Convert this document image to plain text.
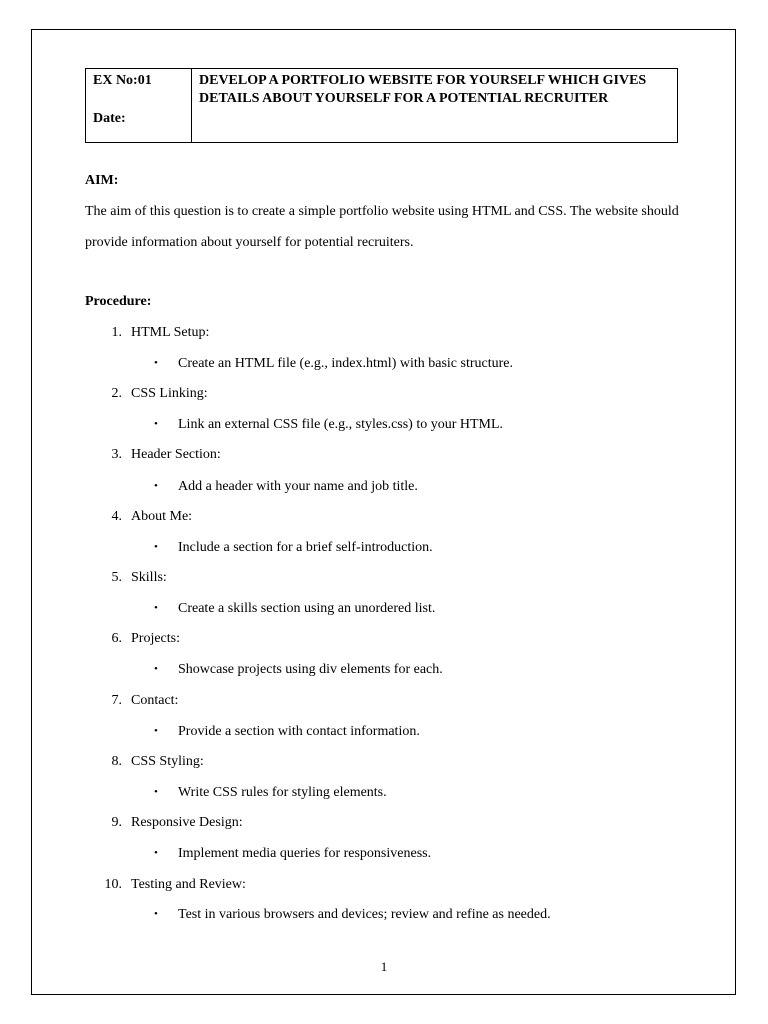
EX No:01
Date:
DEVELOP A PORTFOLIO WEBSITE FOR YOURSELF WHICH GIVES DETAILS ABOUT YOURSELF FOR A POTENTIAL RECRUITER
AIM:
The aim of this question is to create a simple portfolio website using HTML and CSS. The website should provide information about yourself for potential recruiters.
Procedure:
1. HTML Setup:
• Create an HTML file (e.g., index.html) with basic structure.
2. CSS Linking:
• Link an external CSS file (e.g., styles.css) to your HTML.
3. Header Section:
• Add a header with your name and job title.
4. About Me:
• Include a section for a brief self-introduction.
5. Skills:
• Create a skills section using an unordered list.
6. Projects:
• Showcase projects using div elements for each.
7. Contact:
• Provide a section with contact information.
8. CSS Styling:
• Write CSS rules for styling elements.
9. Responsive Design:
• Implement media queries for responsiveness.
10. Testing and Review:
• Test in various browsers and devices; review and refine as needed.
1
